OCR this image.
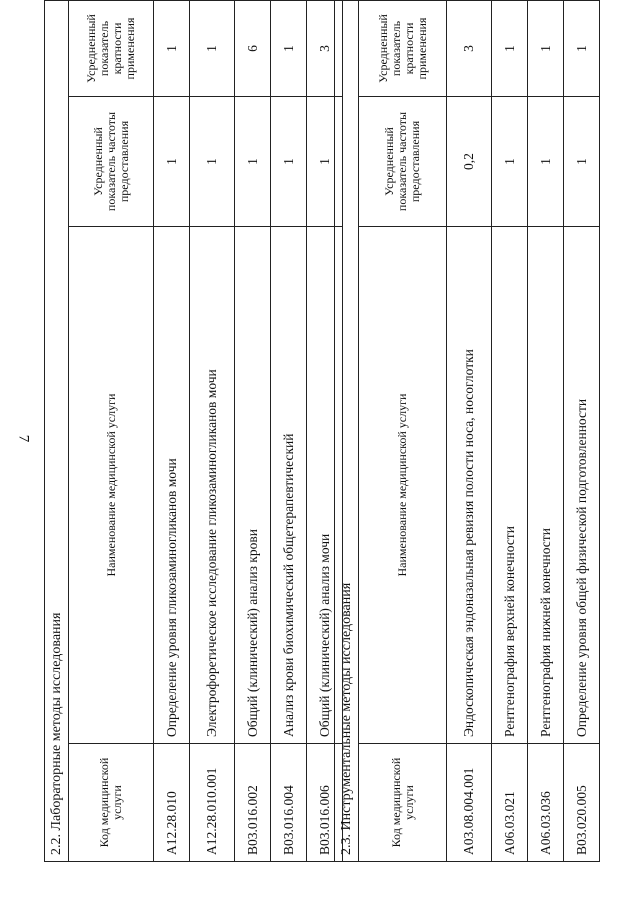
7
2.2. Лабораторные методы исследования	Код медицинской услуги	Наименование медицинской услуги	Усредненный показатель частоты предоставления	Усредненный показатель кратности применения
A12.28.010	Определение уровня гликозаминогликанов мочи	1	1
A12.28.010.001	Электрофоретическое исследование гликозаминогликанов мочи	1	1
B03.016.002	Общий (клинический) анализ крови	1	6
B03.016.004	Анализ крови биохимический общетерапевтический	1	1
B03.016.006	Общий (клинический) анализ мочи	1	3
2.3. Инструментальные методы исследования	Код медицинской услуги	Наименование медицинской услуги	Усредненный показатель частоты предоставления	Усредненный показатель кратности применения
A03.08.004.001	Эндоскопическая эндоназальная ревизия полости носа, носоглотки	0,2	3
A06.03.021	Рентгенография верхней конечности	1	1
A06.03.036	Рентгенография нижней конечности	1	1
B03.020.005	Определение уровня общей физической подготовленности	1	1
